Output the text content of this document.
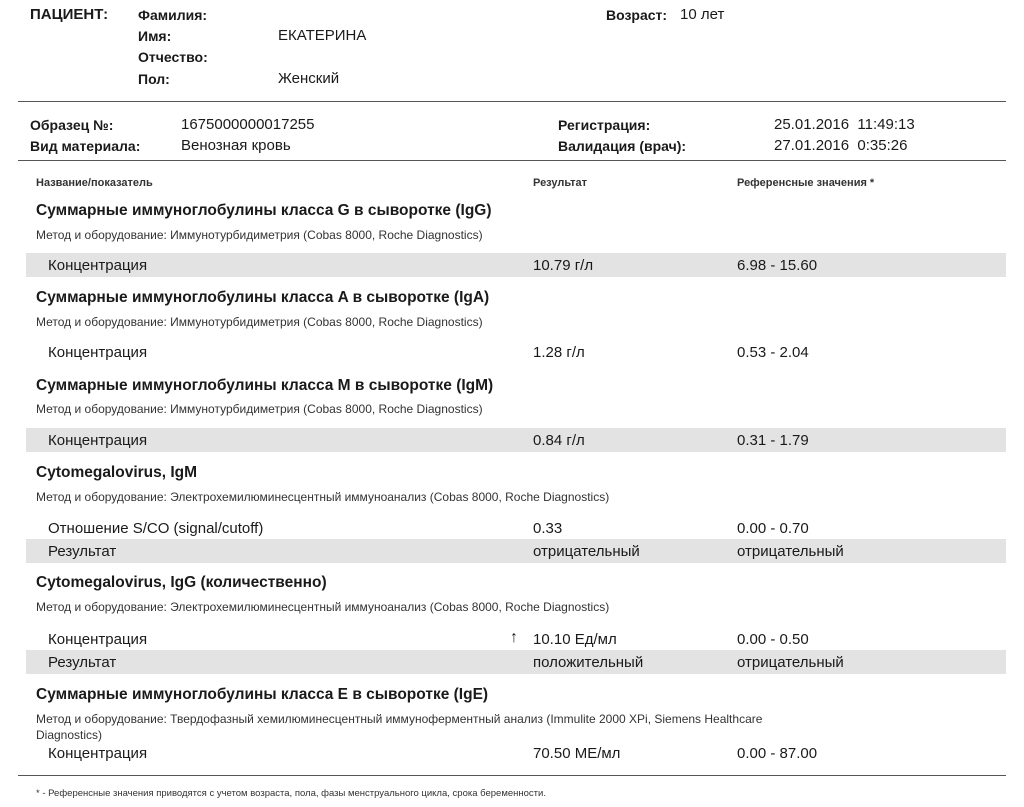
ПАЦИЕНТ: Фамилия:
Имя:	ЕКАТЕРИНА
Отчество:
Пол:	Женский
Возраст: 10 лет
Образец №:	1675000000017255
Вид материала:	Венозная кровь
Регистрация:	25.01.2016  11:49:13
Валидация (врач):	27.01.2016  0:35:26
Название/показатель	Результат	Референсные значения *
Суммарные иммуноглобулины класса G в сыворотке (IgG)
Метод и оборудование: Иммунотурбидиметрия (Cobas 8000, Roche Diagnostics)
Концентрация	10.79 г/л	6.98 - 15.60
Суммарные иммуноглобулины класса A в сыворотке (IgA)
Метод и оборудование: Иммунотурбидиметрия (Cobas 8000, Roche Diagnostics)
Концентрация	1.28 г/л	0.53 - 2.04
Суммарные иммуноглобулины класса M в сыворотке (IgM)
Метод и оборудование: Иммунотурбидиметрия (Cobas 8000, Roche Diagnostics)
Концентрация	0.84 г/л	0.31 - 1.79
Cytomegalovirus, IgM
Метод и оборудование: Электрохемилюминесцентный иммуноанализ (Cobas 8000, Roche Diagnostics)
Отношение S/CO (signal/cutoff)	0.33	0.00 - 0.70
Результат	отрицательный	отрицательный
Cytomegalovirus, IgG (количественно)
Метод и оборудование: Электрохемилюминесцентный иммуноанализ (Cobas 8000, Roche Diagnostics)
Концентрация	↑ 10.10 Ед/мл	0.00 - 0.50
Результат	положительный	отрицательный
Суммарные иммуноглобулины класса E в сыворотке (IgE)
Метод и оборудование: Твердофазный хемилюминесцентный иммуноферментный анализ (Immulite 2000 XPi, Siemens Healthcare
Diagnostics)
Концентрация	70.50 МЕ/мл	0.00 - 87.00
* - Референсные значения приводятся с учетом возраста, пола, фазы менструального цикла, срока беременности.
